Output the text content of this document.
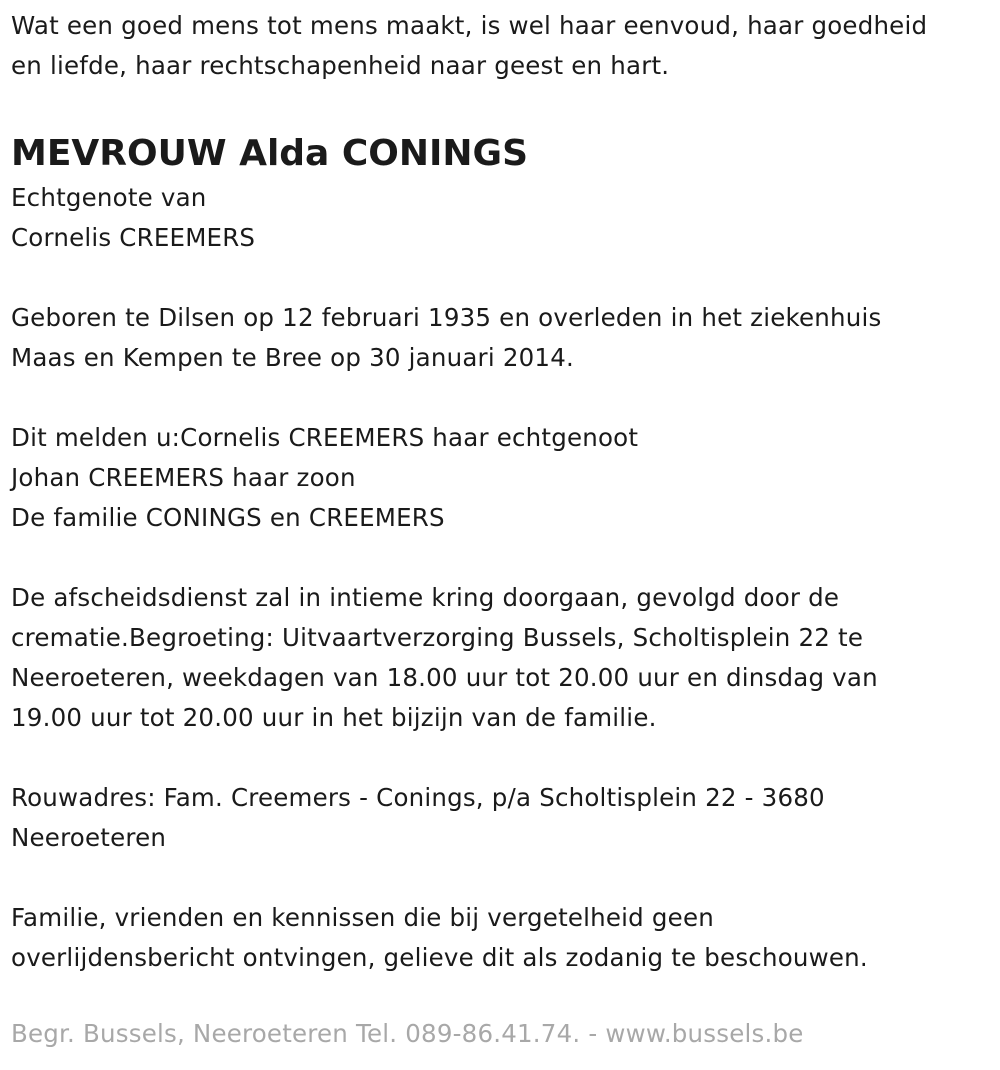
Wat een goed mens tot mens maakt, is wel haar eenvoud, haar goedheid
en liefde, haar rechtschapenheid naar geest en hart.
MEVROUW Alda CONINGS
Echtgenote van
Cornelis CREEMERS
Geboren te Dilsen op 12 februari 1935 en overleden in het ziekenhuis
Maas en Kempen te Bree op 30 januari 2014.
Dit melden u:Cornelis CREEMERS haar echtgenoot
Johan CREEMERS haar zoon
De familie CONINGS en CREEMERS
De afscheidsdienst zal in intieme kring doorgaan, gevolgd door de
crematie.Begroeting: Uitvaartverzorging Bussels, Scholtisplein 22 te
Neeroeteren, weekdagen van 18.00 uur tot 20.00 uur en dinsdag van
19.00 uur tot 20.00 uur in het bijzijn van de familie.
Rouwadres: Fam. Creemers - Conings, p/a Scholtisplein 22 - 3680
Neeroeteren
Familie, vrienden en kennissen die bij vergetelheid geen
overlijdensbericht ontvingen, gelieve dit als zodanig te beschouwen.
Begr. Bussels, Neeroeteren Tel. 089-86.41.74. - www.bussels.be
